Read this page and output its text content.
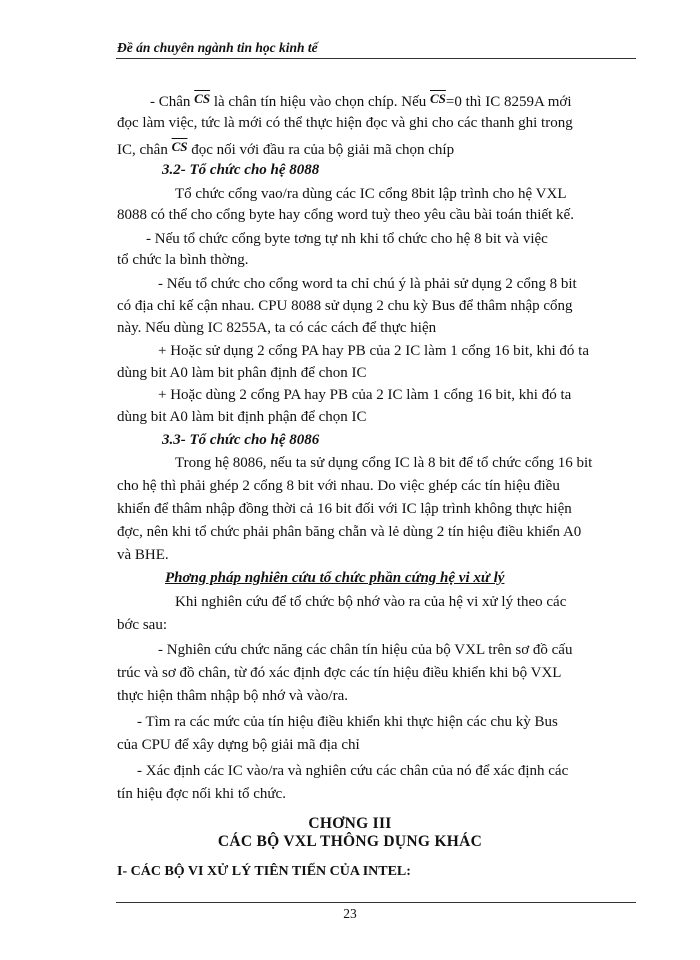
Đề án chuyên ngành tin học kinh tế
- Chân $\overline{CS}$ là chân tín hiệu vào chọn chíp. Nếu $\overline{CS}=0$ thì IC 8259A mới
đọc làm việc, tức là mới có thể thực hiện đọc và ghi cho các thanh ghi trong
IC, chân $\overline{CS}$ đọc nối với đầu ra của bộ giải mã chọn chíp
3.2- Tổ chức cho hệ 8088
Tổ chức cổng vao/ra dùng các IC cổng 8bit lập trình cho hệ VXL
8088 có thể cho cổng byte hay cổng word tuỳ theo yêu cầu bài toán thiết kế.
- Nếu tổ chức cổng byte tơng tự nh khi tổ chức cho hệ 8 bit và việc
tổ chức la bình thờng.
- Nếu tổ chức cho cổng word ta chỉ chú ý là phải sử dụng 2 cổng 8 bit
có địa chỉ kế cận nhau. CPU 8088 sử dụng 2 chu kỳ Bus để thâm nhập cổng
này. Nếu dùng IC 8255A, ta có các cách để thực hiện
+ Hoặc sử dụng 2 cổng PA hay PB của 2 IC làm 1 cổng 16 bit, khi đó ta
dùng bit A0 làm bit phân định để chon IC
+ Hoặc dùng 2 cổng PA hay PB của 2 IC làm 1 cổng 16 bit, khi đó ta
dùng bit A0 làm bit định phận để chọn IC
3.3- Tổ chức cho hệ 8086
Trong hệ 8086, nếu ta sử dụng cổng IC là 8 bit để tổ chức cổng 16 bit
cho hệ thì phải ghép 2 cổng 8 bit với nhau. Do việc ghép các tín hiệu điều
khiển để thâm nhập đồng thời cả 16 bit đối với IC lập trình không thực hiện
đợc, nên khi tổ chức phải phân băng chẵn và lẻ dùng 2 tín hiệu điều khiển A0
và BHE.
Phơng pháp nghiên cứu tổ chức phần cứng hệ vi xử lý
Khi nghiên cứu để tổ chức bộ nhớ vào ra của hệ vi xử lý theo các
bớc sau:
- Nghiên cứu chức năng các chân tín hiệu của bộ VXL trên sơ đồ cấu
trúc và sơ đồ chân, từ đó xác định đợc các tín hiệu điều khiển khi bộ VXL
thực hiện thâm nhập bộ nhớ và vào/ra.
- Tìm ra các mức của tín hiệu điều khiển khi thực hiện các chu kỳ Bus
của CPU để xây dựng bộ giải mã địa chỉ
- Xác định các IC vào/ra và nghiên cứu các chân của nó để xác định các
tín hiệu đợc nối khi tổ chức.
CHƠNG III
CÁC BỘ VXL THÔNG DỤNG KHÁC
I- CÁC BỘ VI XỬ LÝ TIÊN TIẾN CỦA INTEL:
23
